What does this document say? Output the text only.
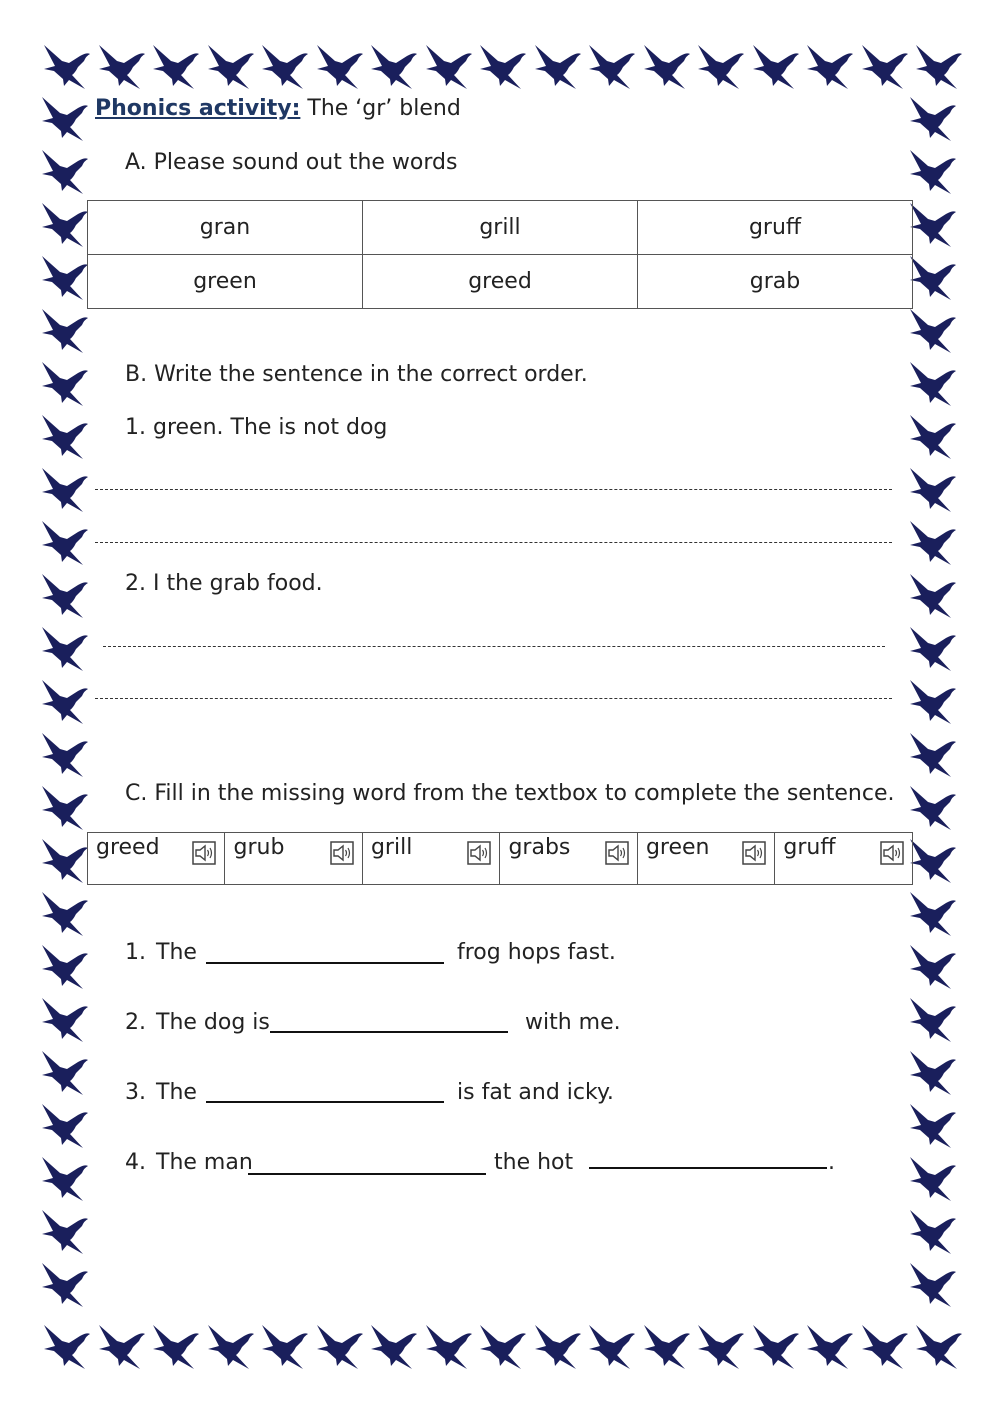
Phonics activity: The ‘gr’ blend
A. Please sound out the words
gran	grill	gruff
green	greed	grab
B. Write the sentence in the correct order.
1. green. The is not dog
2. I the grab food.
C. Fill in the missing word from the textbox to complete the sentence.
greed	grub	grill	grabs	green	gruff
1. The	frog hops fast.
2. The dog is	with me.
3. The	is fat and icky.
4. The man	the hot	.
